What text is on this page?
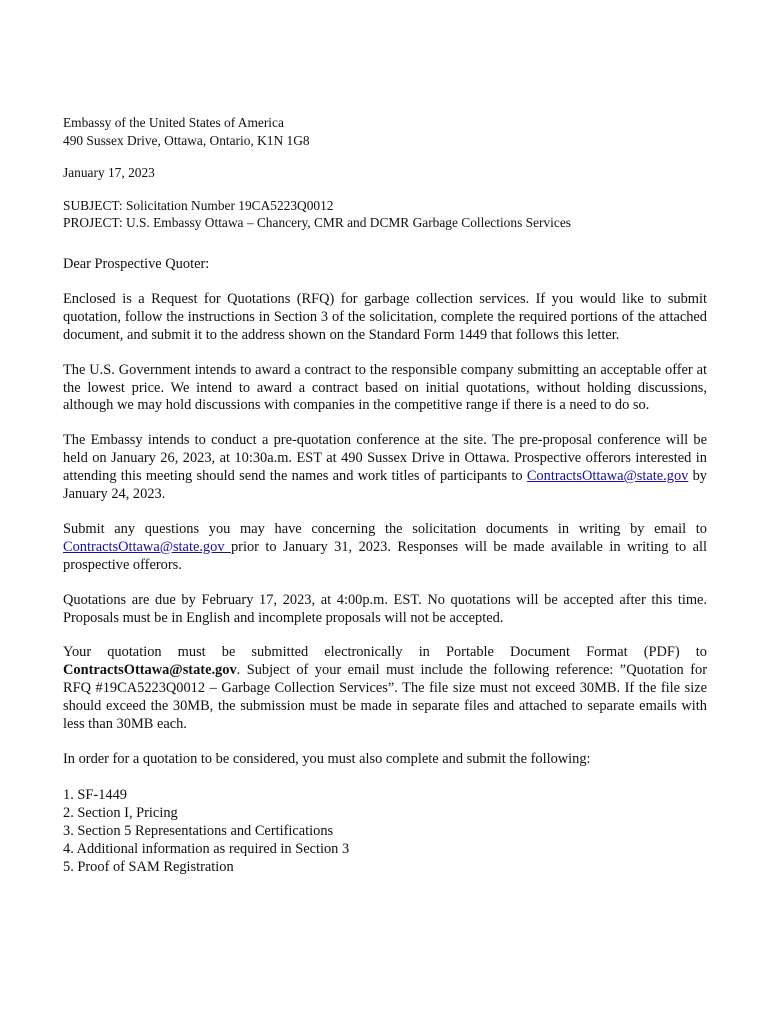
Embassy of the United States of America

490 Sussex Drive, Ottawa, Ontario, K1N 1G8

January 17, 2023

SUBJECT: Solicitation Number 19CA5223Q0012

PROJECT: U.S. Embassy Ottawa – Chancery, CMR and DCMR Garbage Collections Services

Dear Prospective Quoter:

Enclosed is a Request for Quotations (RFQ) for garbage collection services. If you would like to submit quotation, follow the instructions in Section 3 of the solicitation, complete the required portions of the attached document, and submit it to the address shown on the Standard Form 1449 that follows this letter.

The U.S. Government intends to award a contract to the responsible company submitting an acceptable offer at the lowest price. We intend to award a contract based on initial quotations, without holding discussions, although we may hold discussions with companies in the competitive range if there is a need to do so.

The Embassy intends to conduct a pre-quotation conference at the site. The pre-proposal conference will be held on January 26, 2023, at 10:30a.m. EST at 490 Sussex Drive in Ottawa. Prospective offerors interested in attending this meeting should send the names and work titles of participants to ContractsOttawa@state.gov by January 24, 2023.

Submit any questions you may have concerning the solicitation documents in writing by email to ContractsOttawa@state.gov prior to January 31, 2023. Responses will be made available in writing to all prospective offerors.

Quotations are due by February 17, 2023, at 4:00p.m. EST. No quotations will be accepted after this time. Proposals must be in English and incomplete proposals will not be accepted.

Your quotation must be submitted electronically in Portable Document Format (PDF) to ContractsOttawa@state.gov. Subject of your email must include the following reference: ”Quotation for RFQ #19CA5223Q0012 – Garbage Collection Services”. The file size must not exceed 30MB. If the file size should exceed the 30MB, the submission must be made in separate files and attached to separate emails with less than 30MB each.

In order for a quotation to be considered, you must also complete and submit the following:

1. SF-1449
2. Section I, Pricing
3. Section 5 Representations and Certifications
4. Additional information as required in Section 3
5. Proof of SAM Registration
